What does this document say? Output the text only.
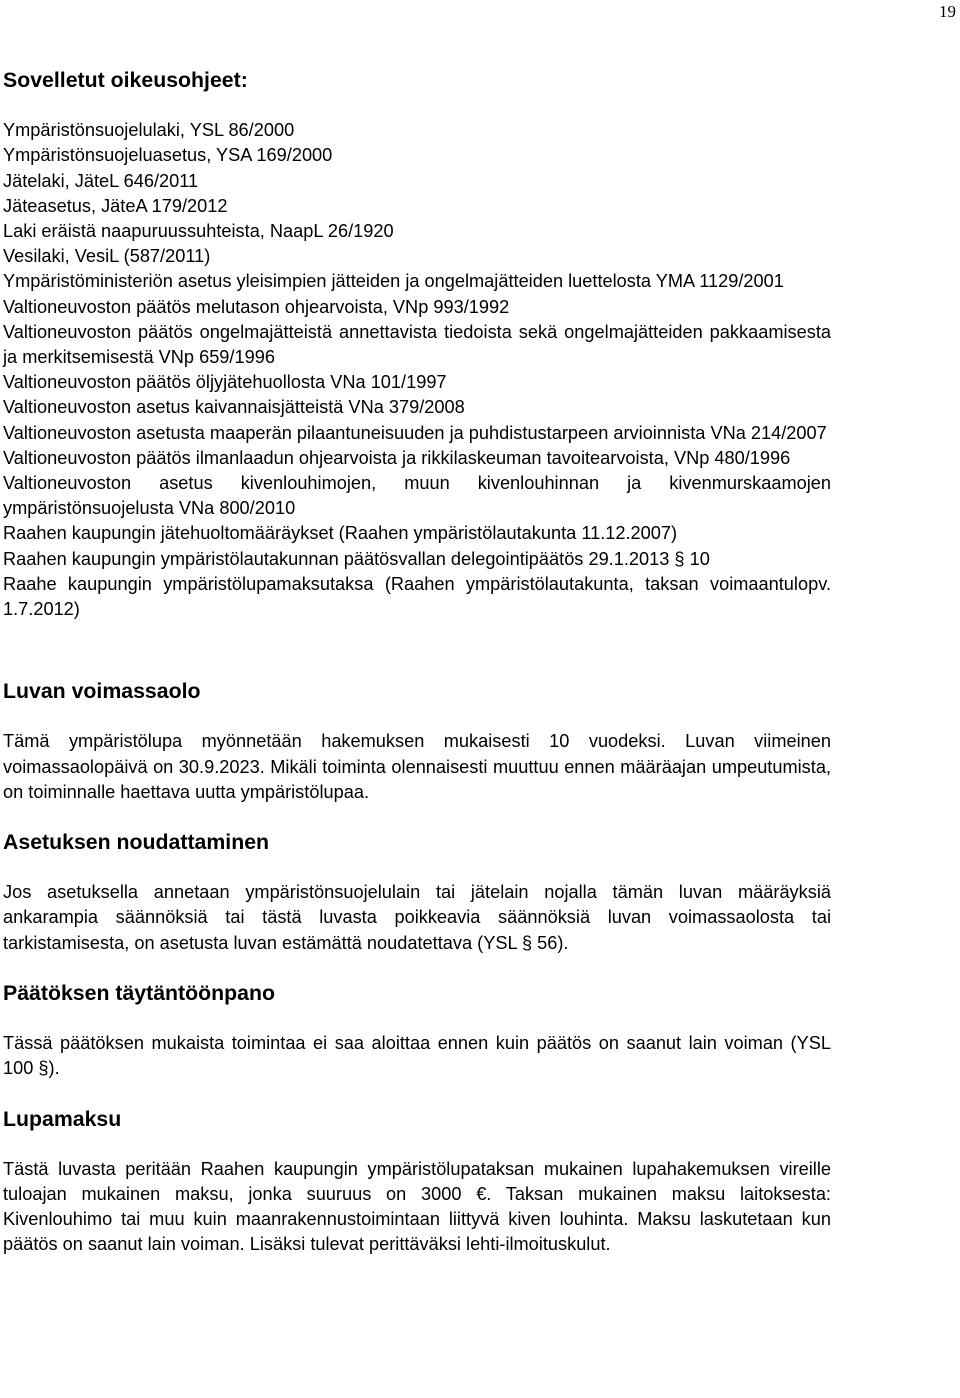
19
Sovelletut oikeusohjeet:

Ympäristönsuojelulaki, YSL 86/2000

Ympäristönsuojeluasetus, YSA 169/2000

Jätelaki, JäteL 646/2011

Jäteasetus, JäteA 179/2012

Laki eräistä naapuruussuhteista, NaapL 26/1920

Vesilaki, VesiL (587/2011)

Ympäristöministeriön asetus yleisimpien jätteiden ja ongelmajätteiden luettelosta YMA 1129/2001

Valtioneuvoston päätös melutason ohjearvoista, VNp 993/1992

Valtioneuvoston päätös ongelmajätteistä annettavista tiedoista sekä ongelmajätteiden pakkaamisesta ja merkitsemisestä VNp 659/1996

Valtioneuvoston päätös öljyjätehuollosta VNa 101/1997

Valtioneuvoston asetus kaivannaisjätteistä VNa 379/2008

Valtioneuvoston asetusta maaperän pilaantuneisuuden ja puhdistustarpeen arvioinnista VNa 214/2007

Valtioneuvoston päätös ilmanlaadun ohjearvoista ja rikkilaskeuman tavoitearvoista, VNp 480/1996

Valtioneuvoston asetus kivenlouhimojen, muun kivenlouhinnan ja kivenmurskaamojen ympäristönsuojelusta VNa 800/2010

Raahen kaupungin jätehuoltomääräykset (Raahen ympäristölautakunta 11.12.2007)

Raahen kaupungin ympäristölautakunnan päätösvallan delegointipäätös 29.1.2013 § 10

Raahe kaupungin ympäristölupamaksutaksa (Raahen ympäristölautakunta, taksan voimaantulopv. 1.7.2012)

Luvan voimassaolo

Tämä ympäristölupa myönnetään hakemuksen mukaisesti 10 vuodeksi. Luvan viimeinen voimassaolopäivä on 30.9.2023. Mikäli toiminta olennaisesti muuttuu ennen määräajan umpeutumista, on toiminnalle haettava uutta ympäristölupaa.

Asetuksen noudattaminen

Jos asetuksella annetaan ympäristönsuojelulain tai jätelain nojalla tämän luvan määräyksiä ankarampia säännöksiä tai tästä luvasta poikkeavia säännöksiä luvan voimassaolosta tai tarkistamisesta, on asetusta luvan estämättä noudatettava (YSL § 56).

Päätöksen täytäntöönpano

Tässä päätöksen mukaista toimintaa ei saa aloittaa ennen kuin päätös on saanut lain voiman (YSL 100 §).

Lupamaksu

Tästä luvasta peritään Raahen kaupungin ympäristölupataksan mukainen lupahakemuksen vireille tuloajan mukainen maksu, jonka suuruus on 3000 €. Taksan mukainen maksu laitoksesta: Kivenlouhimo tai muu kuin maanrakennustoimintaan liittyvä kiven louhinta. Maksu laskutetaan kun päätös on saanut lain voiman. Lisäksi tulevat perittäväksi lehti-ilmoituskulut.
